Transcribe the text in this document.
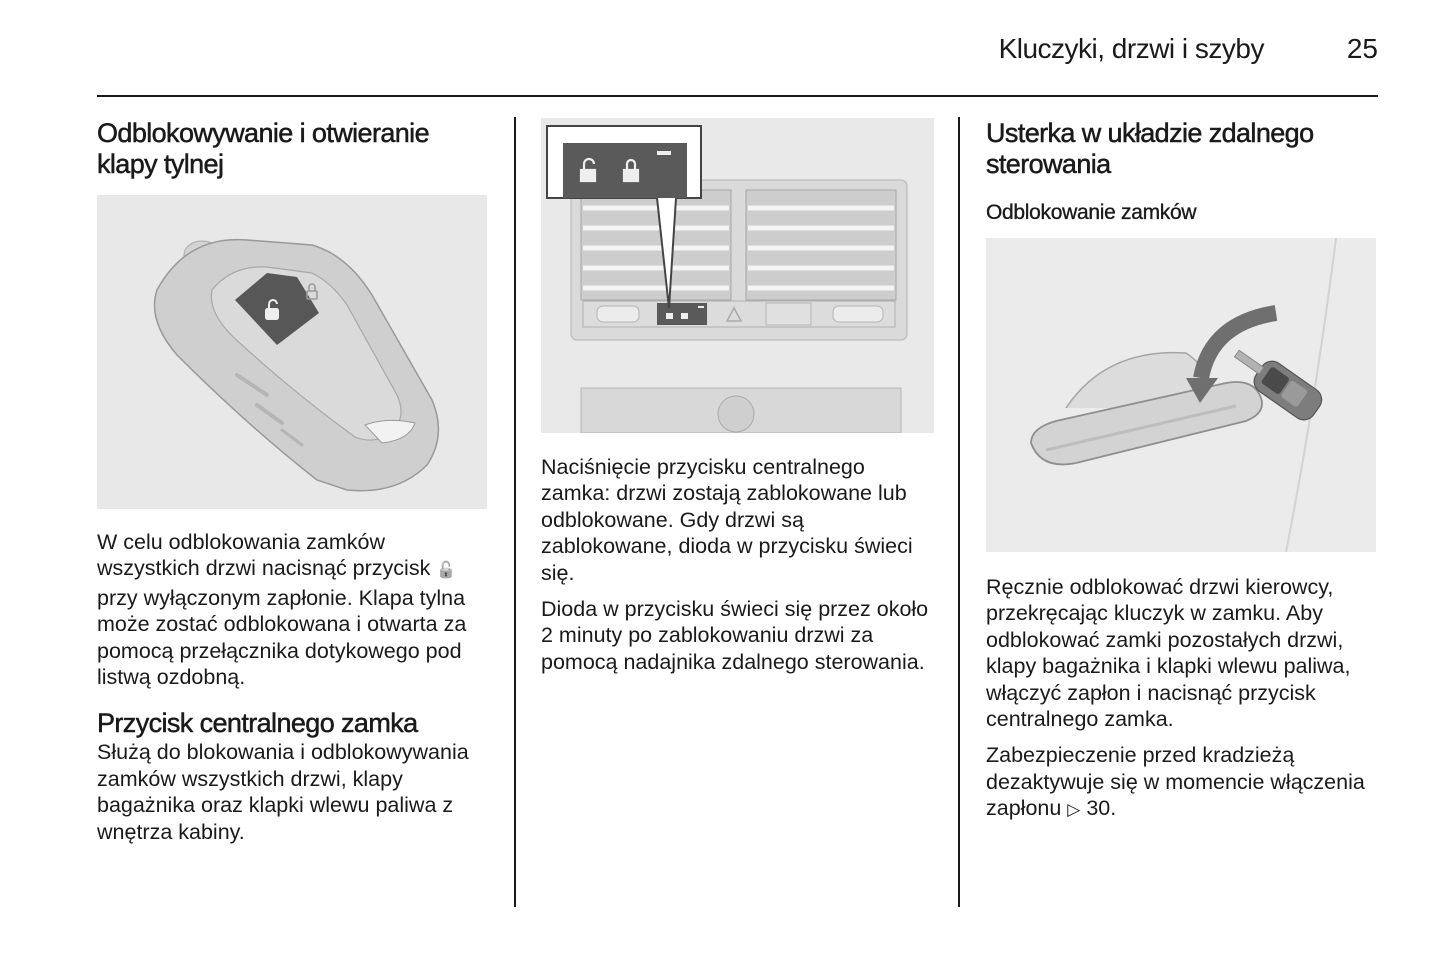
Kluczyki, drzwi i szyby	25
Odblokowywanie i otwieranie klapy tylnej

W celu odblokowania zamków wszystkich drzwi nacisnąć przycisk 🔓 przy wyłączonym zapłonie. Klapa tylna może zostać odblokowana i otwarta za pomocą przełącznika dotykowego pod listwą ozdobną.

Przycisk centralnego zamka

Służą do blokowania i odblokowywania zamków wszystkich drzwi, klapy bagażnika oraz klapki wlewu paliwa z wnętrza kabiny.

Naciśnięcie przycisku centralnego zamka: drzwi zostają zablokowane lub odblokowane. Gdy drzwi są zablokowane, dioda w przycisku świeci się.

Dioda w przycisku świeci się przez około 2 minuty po zablokowaniu drzwi za pomocą nadajnika zdalnego sterowania.

Usterka w układzie zdalnego sterowania
Odblokowanie zamków

Ręcznie odblokować drzwi kierowcy, przekręcając kluczyk w zamku. Aby odblokować zamki pozostałych drzwi, klapy bagażnika i klapki wlewu paliwa, włączyć zapłon i nacisnąć przycisk centralnego zamka.

Zabezpieczenie przed kradzieżą dezaktywuje się w momencie włączenia zapłonu ▷ 30.
